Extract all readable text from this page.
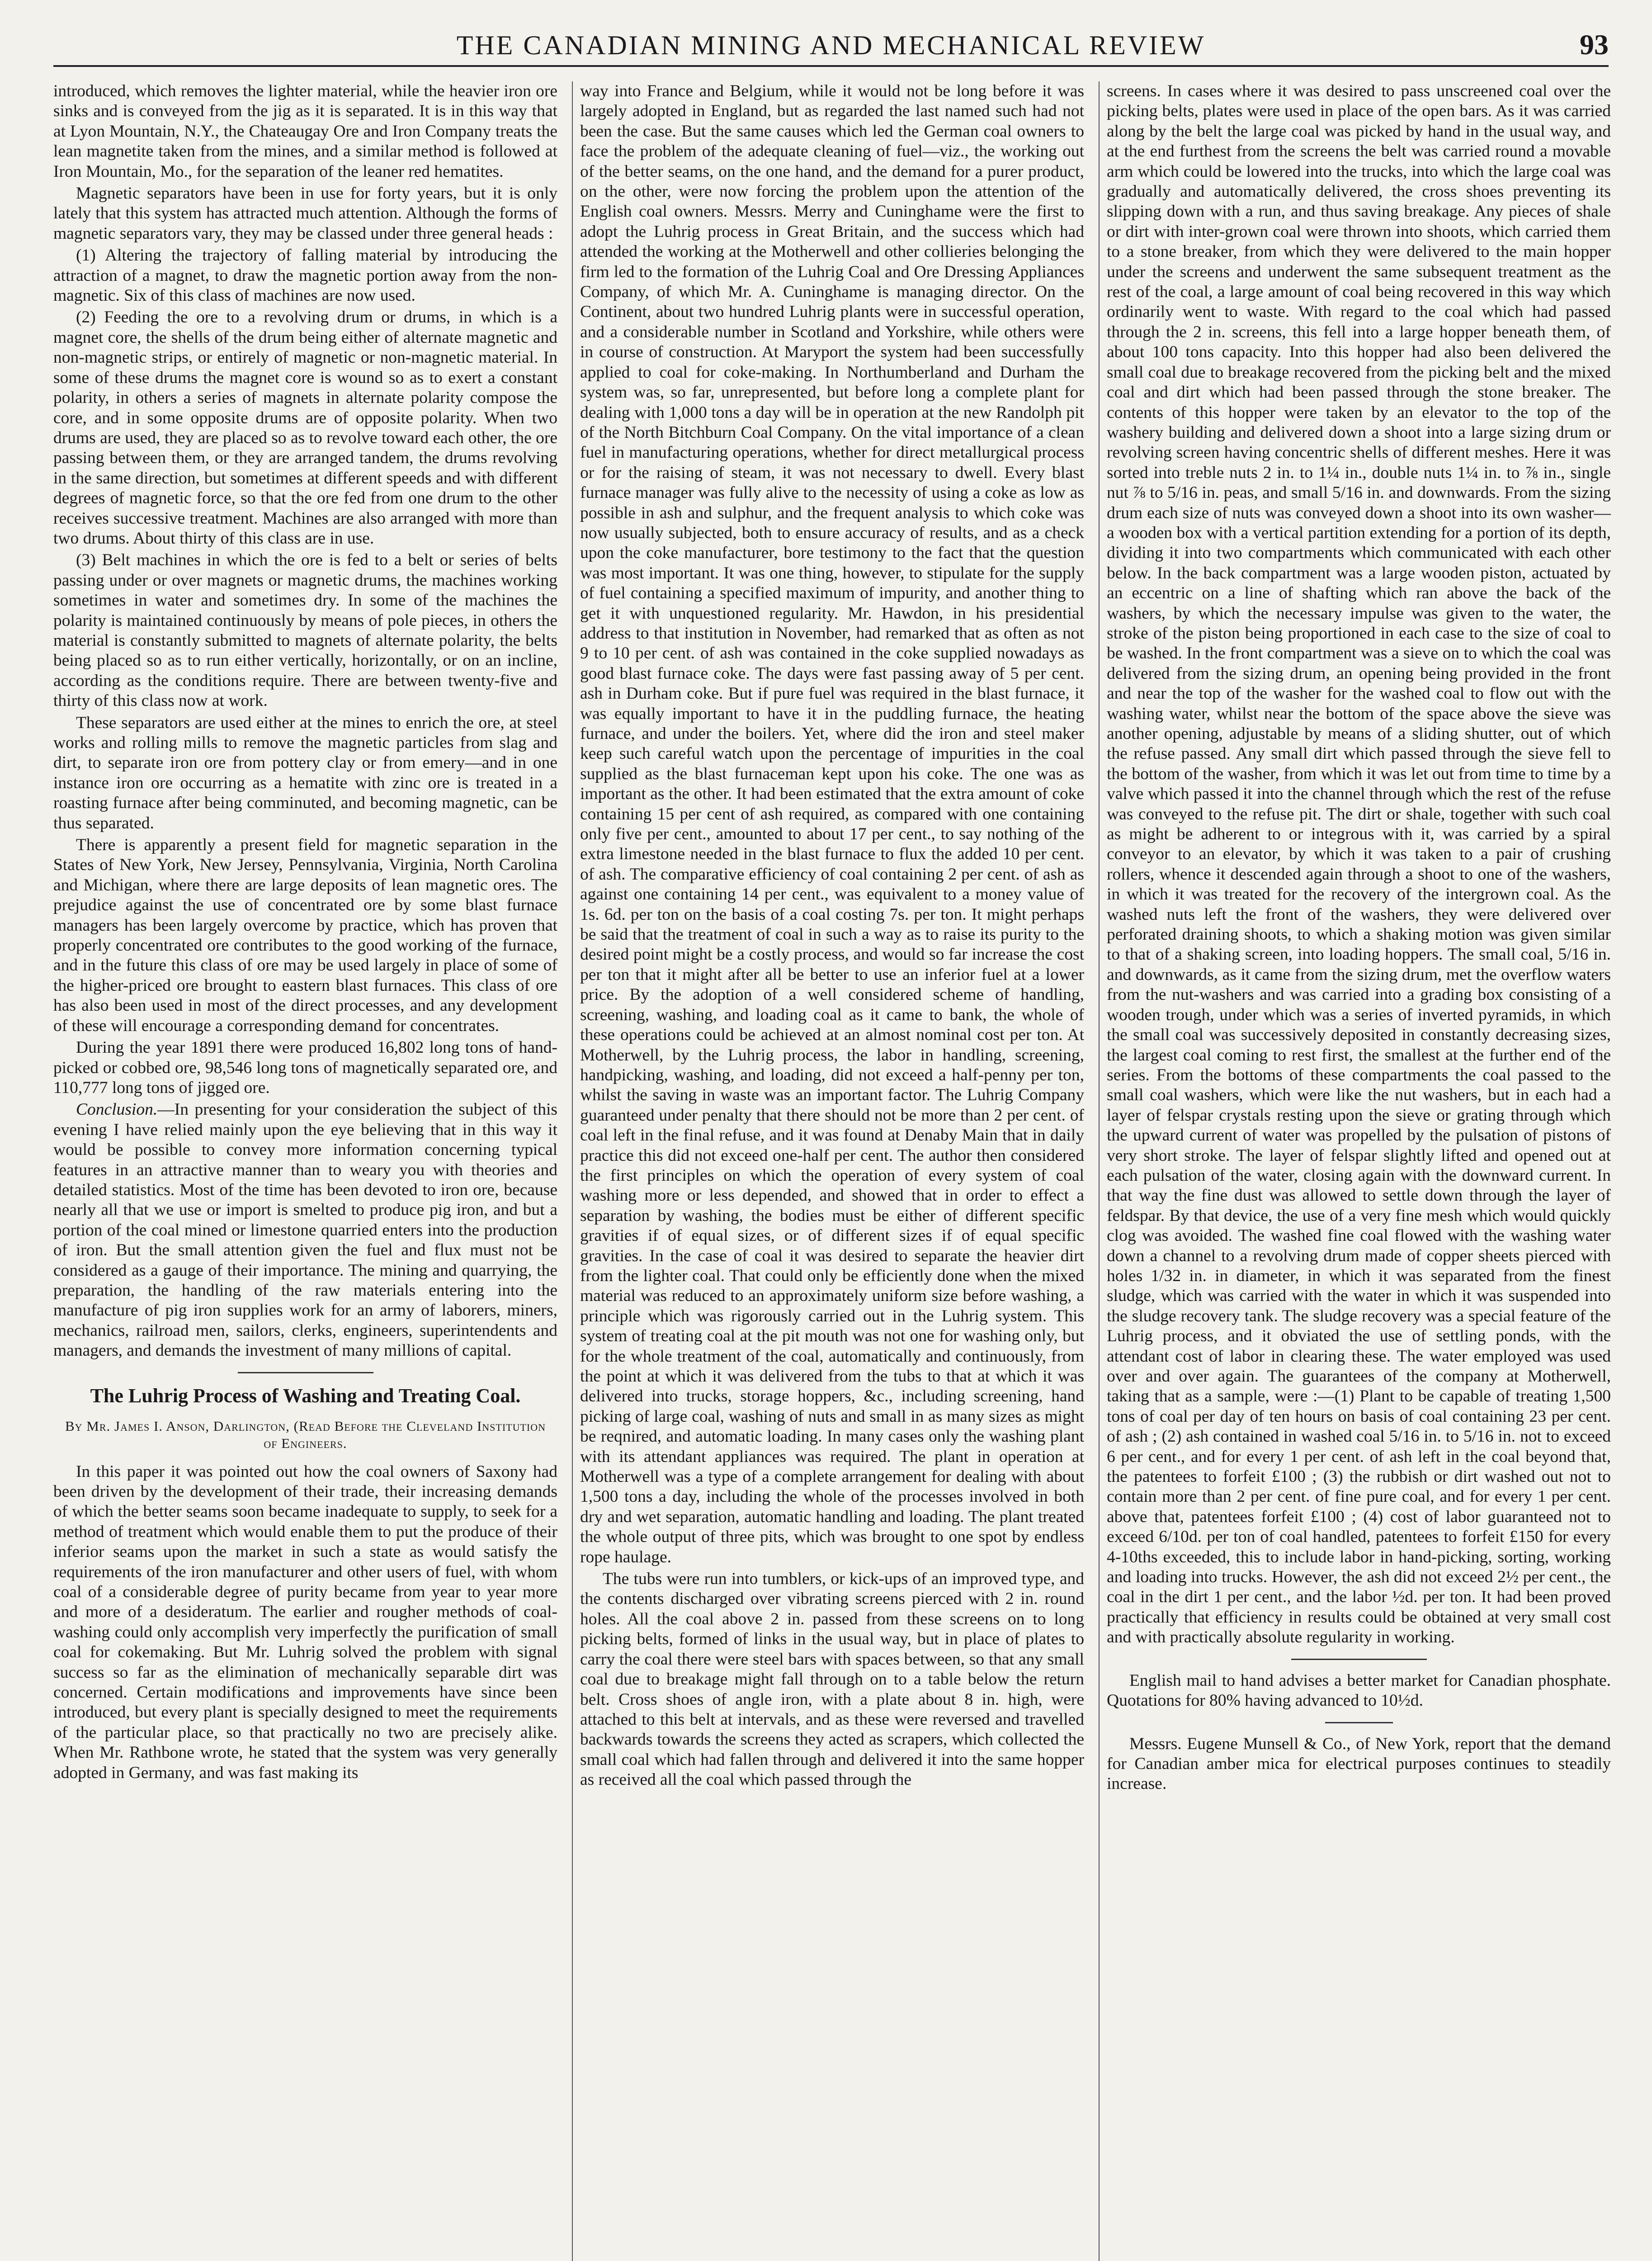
THE CANADIAN MINING AND MECHANICAL REVIEW	93

introduced, which removes the lighter material, while the heavier iron ore sinks and is conveyed from the jig as it is separated. It is in this way that at Lyon Mountain, N.Y., the Chateaugay Ore and Iron Company treats the lean magnetite taken from the mines, and a similar method is followed at Iron Mountain, Mo., for the separation of the leaner red hematites.

Magnetic separators have been in use for forty years, but it is only lately that this system has attracted much attention. Although the forms of magnetic separators vary, they may be classed under three general heads :

(1) Altering the trajectory of falling material by introducing the attraction of a magnet, to draw the magnetic portion away from the non-magnetic. Six of this class of machines are now used.

(2) Feeding the ore to a revolving drum or drums, in which is a magnet core, the shells of the drum being either of alternate magnetic and non-magnetic strips, or entirely of magnetic or non-magnetic material. In some of these drums the magnet core is wound so as to exert a constant polarity, in others a series of magnets in alternate polarity compose the core, and in some opposite drums are of opposite polarity. When two drums are used, they are placed so as to revolve toward each other, the ore passing between them, or they are arranged tandem, the drums revolving in the same direction, but sometimes at different speeds and with different degrees of magnetic force, so that the ore fed from one drum to the other receives successive treatment. Machines are also arranged with more than two drums. About thirty of this class are in use.

(3) Belt machines in which the ore is fed to a belt or series of belts passing under or over magnets or magnetic drums, the machines working sometimes in water and sometimes dry. In some of the machines the polarity is maintained continuously by means of pole pieces, in others the material is constantly submitted to magnets of alternate polarity, the belts being placed so as to run either vertically, horizontally, or on an incline, according as the conditions require. There are between twenty-five and thirty of this class now at work.

These separators are used either at the mines to enrich the ore, at steel works and rolling mills to remove the magnetic particles from slag and dirt, to separate iron ore from pottery clay or from emery—and in one instance iron ore occurring as a hematite with zinc ore is treated in a roasting furnace after being comminuted, and becoming magnetic, can be thus separated.

There is apparently a present field for magnetic separation in the States of New York, New Jersey, Pennsylvania, Virginia, North Carolina and Michigan, where there are large deposits of lean magnetic ores. The prejudice against the use of concentrated ore by some blast furnace managers has been largely overcome by practice, which has proven that properly concentrated ore contributes to the good working of the furnace, and in the future this class of ore may be used largely in place of some of the higher-priced ore brought to eastern blast furnaces. This class of ore has also been used in most of the direct processes, and any development of these will encourage a corresponding demand for concentrates.

During the year 1891 there were produced 16,802 long tons of hand-picked or cobbed ore, 98,546 long tons of magnetically separated ore, and 110,777 long tons of jigged ore.

Conclusion.—In presenting for your consideration the subject of this evening I have relied mainly upon the eye believing that in this way it would be possible to convey more information concerning typical features in an attractive manner than to weary you with theories and detailed statistics. Most of the time has been devoted to iron ore, because nearly all that we use or import is smelted to produce pig iron, and but a portion of the coal mined or limestone quarried enters into the production of iron. But the small attention given the fuel and flux must not be considered as a gauge of their importance. The mining and quarrying, the preparation, the handling of the raw materials entering into the manufacture of pig iron supplies work for an army of laborers, miners, mechanics, railroad men, sailors, clerks, engineers, superintendents and managers, and demands the investment of many millions of capital.

The Luhrig Process of Washing and Treating Coal.
By Mr. James I. Anson, Darlington, (Read Before the Cleveland Institution of Engineers.

In this paper it was pointed out how the coal owners of Saxony had been driven by the development of their trade, their increasing demands of which the better seams soon became inadequate to supply, to seek for a method of treatment which would enable them to put the produce of their inferior seams upon the market in such a state as would satisfy the requirements of the iron manufacturer and other users of fuel, with whom coal of a considerable degree of purity became from year to year more and more of a desideratum. The earlier and rougher methods of coal-washing could only accomplish very imperfectly the purification of small coal for cokemaking. But Mr. Luhrig solved the problem with signal success so far as the elimination of mechanically separable dirt was concerned. Certain modifications and improvements have since been introduced, but every plant is specially designed to meet the requirements of the particular place, so that practically no two are precisely alike. When Mr. Rathbone wrote, he stated that the system was very generally adopted in Germany, and was fast making its

way into France and Belgium, while it would not be long before it was largely adopted in England, but as regarded the last named such had not been the case. But the same causes which led the German coal owners to face the problem of the adequate cleaning of fuel—viz., the working out of the better seams, on the one hand, and the demand for a purer product, on the other, were now forcing the problem upon the attention of the English coal owners. Messrs. Merry and Cuninghame were the first to adopt the Luhrig process in Great Britain, and the success which had attended the working at the Motherwell and other collieries belonging the firm led to the formation of the Luhrig Coal and Ore Dressing Appliances Company, of which Mr. A. Cuninghame is managing director. On the Continent, about two hundred Luhrig plants were in successful operation, and a considerable number in Scotland and Yorkshire, while others were in course of construction. At Maryport the system had been successfully applied to coal for coke-making. In Northumberland and Durham the system was, so far, unrepresented, but before long a complete plant for dealing with 1,000 tons a day will be in operation at the new Randolph pit of the North Bitchburn Coal Company. On the vital importance of a clean fuel in manufacturing operations, whether for direct metallurgical process or for the raising of steam, it was not necessary to dwell. Every blast furnace manager was fully alive to the necessity of using a coke as low as possible in ash and sulphur, and the frequent analysis to which coke was now usually subjected, both to ensure accuracy of results, and as a check upon the coke manufacturer, bore testimony to the fact that the question was most important. It was one thing, however, to stipulate for the supply of fuel containing a specified maximum of impurity, and another thing to get it with unquestioned regularity. Mr. Hawdon, in his presidential address to that institution in November, had remarked that as often as not 9 to 10 per cent. of ash was contained in the coke supplied nowadays as good blast furnace coke. The days were fast passing away of 5 per cent. ash in Durham coke. But if pure fuel was required in the blast furnace, it was equally important to have it in the puddling furnace, the heating furnace, and under the boilers. Yet, where did the iron and steel maker keep such careful watch upon the percentage of impurities in the coal supplied as the blast furnaceman kept upon his coke. The one was as important as the other. It had been estimated that the extra amount of coke containing 15 per cent of ash required, as compared with one containing only five per cent., amounted to about 17 per cent., to say nothing of the extra limestone needed in the blast furnace to flux the added 10 per cent. of ash. The comparative efficiency of coal containing 2 per cent. of ash as against one containing 14 per cent., was equivalent to a money value of 1s. 6d. per ton on the basis of a coal costing 7s. per ton. It might perhaps be said that the treatment of coal in such a way as to raise its purity to the desired point might be a costly process, and would so far increase the cost per ton that it might after all be better to use an inferior fuel at a lower price. By the adoption of a well considered scheme of handling, screening, washing, and loading coal as it came to bank, the whole of these operations could be achieved at an almost nominal cost per ton. At Motherwell, by the Luhrig process, the labor in handling, screening, handpicking, washing, and loading, did not exceed a half-penny per ton, whilst the saving in waste was an important factor. The Luhrig Company guaranteed under penalty that there should not be more than 2 per cent. of coal left in the final refuse, and it was found at Denaby Main that in daily practice this did not exceed one-half per cent. The author then considered the first principles on which the operation of every system of coal washing more or less depended, and showed that in order to effect a separation by washing, the bodies must be either of different specific gravities if of equal sizes, or of different sizes if of equal specific gravities. In the case of coal it was desired to separate the heavier dirt from the lighter coal. That could only be efficiently done when the mixed material was reduced to an approximately uniform size before washing, a principle which was rigorously carried out in the Luhrig system. This system of treating coal at the pit mouth was not one for washing only, but for the whole treatment of the coal, automatically and continuously, from the point at which it was delivered from the tubs to that at which it was delivered into trucks, storage hoppers, &c., including screening, hand picking of large coal, washing of nuts and small in as many sizes as might be reqnired, and automatic loading. In many cases only the washing plant with its attendant appliances was required. The plant in operation at Motherwell was a type of a complete arrangement for dealing with about 1,500 tons a day, including the whole of the processes involved in both dry and wet separation, automatic handling and loading. The plant treated the whole output of three pits, which was brought to one spot by endless rope haulage.

The tubs were run into tumblers, or kick-ups of an improved type, and the contents discharged over vibrating screens pierced with 2 in. round holes. All the coal above 2 in. passed from these screens on to long picking belts, formed of links in the usual way, but in place of plates to carry the coal there were steel bars with spaces between, so that any small coal due to breakage might fall through on to a table below the return belt. Cross shoes of angle iron, with a plate about 8 in. high, were attached to this belt at intervals, and as these were reversed and travelled backwards towards the screens they acted as scrapers, which collected the small coal which had fallen through and delivered it into the same hopper as received all the coal which passed through the

screens. In cases where it was desired to pass unscreened coal over the picking belts, plates were used in place of the open bars. As it was carried along by the belt the large coal was picked by hand in the usual way, and at the end furthest from the screens the belt was carried round a movable arm which could be lowered into the trucks, into which the large coal was gradually and automatically delivered, the cross shoes preventing its slipping down with a run, and thus saving breakage. Any pieces of shale or dirt with inter-grown coal were thrown into shoots, which carried them to a stone breaker, from which they were delivered to the main hopper under the screens and underwent the same subsequent treatment as the rest of the coal, a large amount of coal being recovered in this way which ordinarily went to waste. With regard to the coal which had passed through the 2 in. screens, this fell into a large hopper beneath them, of about 100 tons capacity. Into this hopper had also been delivered the small coal due to breakage recovered from the picking belt and the mixed coal and dirt which had been passed through the stone breaker. The contents of this hopper were taken by an elevator to the top of the washery building and delivered down a shoot into a large sizing drum or revolving screen having concentric shells of different meshes. Here it was sorted into treble nuts 2 in. to 1¼ in., double nuts 1¼ in. to ⅞ in., single nut ⅞ to 5/16 in. peas, and small 5/16 in. and downwards. From the sizing drum each size of nuts was conveyed down a shoot into its own washer—a wooden box with a vertical partition extending for a portion of its depth, dividing it into two compartments which communicated with each other below. In the back compartment was a large wooden piston, actuated by an eccentric on a line of shafting which ran above the back of the washers, by which the necessary impulse was given to the water, the stroke of the piston being proportioned in each case to the size of coal to be washed. In the front compartment was a sieve on to which the coal was delivered from the sizing drum, an opening being provided in the front and near the top of the washer for the washed coal to flow out with the washing water, whilst near the bottom of the space above the sieve was another opening, adjustable by means of a sliding shutter, out of which the refuse passed. Any small dirt which passed through the sieve fell to the bottom of the washer, from which it was let out from time to time by a valve which passed it into the channel through which the rest of the refuse was conveyed to the refuse pit. The dirt or shale, together with such coal as might be adherent to or integrous with it, was carried by a spiral conveyor to an elevator, by which it was taken to a pair of crushing rollers, whence it descended again through a shoot to one of the washers, in which it was treated for the recovery of the intergrown coal. As the washed nuts left the front of the washers, they were delivered over perforated draining shoots, to which a shaking motion was given similar to that of a shaking screen, into loading hoppers. The small coal, 5/16 in. and downwards, as it came from the sizing drum, met the overflow waters from the nut-washers and was carried into a grading box consisting of a wooden trough, under which was a series of inverted pyramids, in which the small coal was successively deposited in constantly decreasing sizes, the largest coal coming to rest first, the smallest at the further end of the series. From the bottoms of these compartments the coal passed to the small coal washers, which were like the nut washers, but in each had a layer of felspar crystals resting upon the sieve or grating through which the upward current of water was propelled by the pulsation of pistons of very short stroke. The layer of felspar slightly lifted and opened out at each pulsation of the water, closing again with the downward current. In that way the fine dust was allowed to settle down through the layer of feldspar. By that device, the use of a very fine mesh which would quickly clog was avoided. The washed fine coal flowed with the washing water down a channel to a revolving drum made of copper sheets pierced with holes 1/32 in. in diameter, in which it was separated from the finest sludge, which was carried with the water in which it was suspended into the sludge recovery tank. The sludge recovery was a special feature of the Luhrig process, and it obviated the use of settling ponds, with the attendant cost of labor in clearing these. The water employed was used over and over again. The guarantees of the company at Motherwell, taking that as a sample, were :—(1) Plant to be capable of treating 1,500 tons of coal per day of ten hours on basis of coal containing 23 per cent. of ash ; (2) ash contained in washed coal 5/16 in. to 5/16 in. not to exceed 6 per cent., and for every 1 per cent. of ash left in the coal beyond that, the patentees to forfeit £100 ; (3) the rubbish or dirt washed out not to contain more than 2 per cent. of fine pure coal, and for every 1 per cent. above that, patentees forfeit £100 ; (4) cost of labor guaranteed not to exceed 6/10d. per ton of coal handled, patentees to forfeit £150 for every 4-10ths exceeded, this to include labor in hand-picking, sorting, working and loading into trucks. However, the ash did not exceed 2½ per cent., the coal in the dirt 1 per cent., and the labor ½d. per ton. It had been proved practically that efficiency in results could be obtained at very small cost and with practically absolute regularity in working.

English mail to hand advises a better market for Canadian phosphate. Quotations for 80% having advanced to 10½d.

Messrs. Eugene Munsell & Co., of New York, report that the demand for Canadian amber mica for electrical purposes continues to steadily increase.
